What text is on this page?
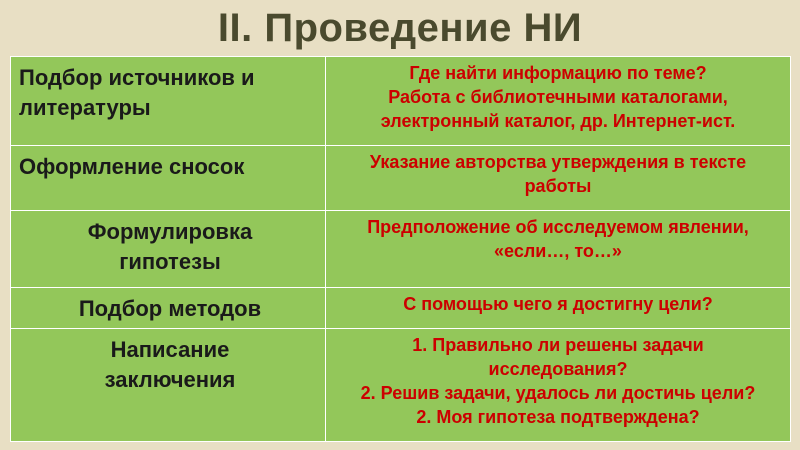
II. Проведение НИ
Подбор источников и
литературы	Где найти информацию по теме?
Работа с библиотечными каталогами,
электронный каталог, др. Интернет-ист.

Оформление сносок	Указание авторства утверждения в тексте
работы

Формулировка
гипотезы	Предположение об исследуемом явлении,
«если…, то…»

Подбор методов	С помощью чего я достигну цели?

Написание
заключения	1. Правильно ли решены задачи
исследования?
2. Решив задачи, удалось ли достичь цели?
2. Моя гипотеза подтверждена?
